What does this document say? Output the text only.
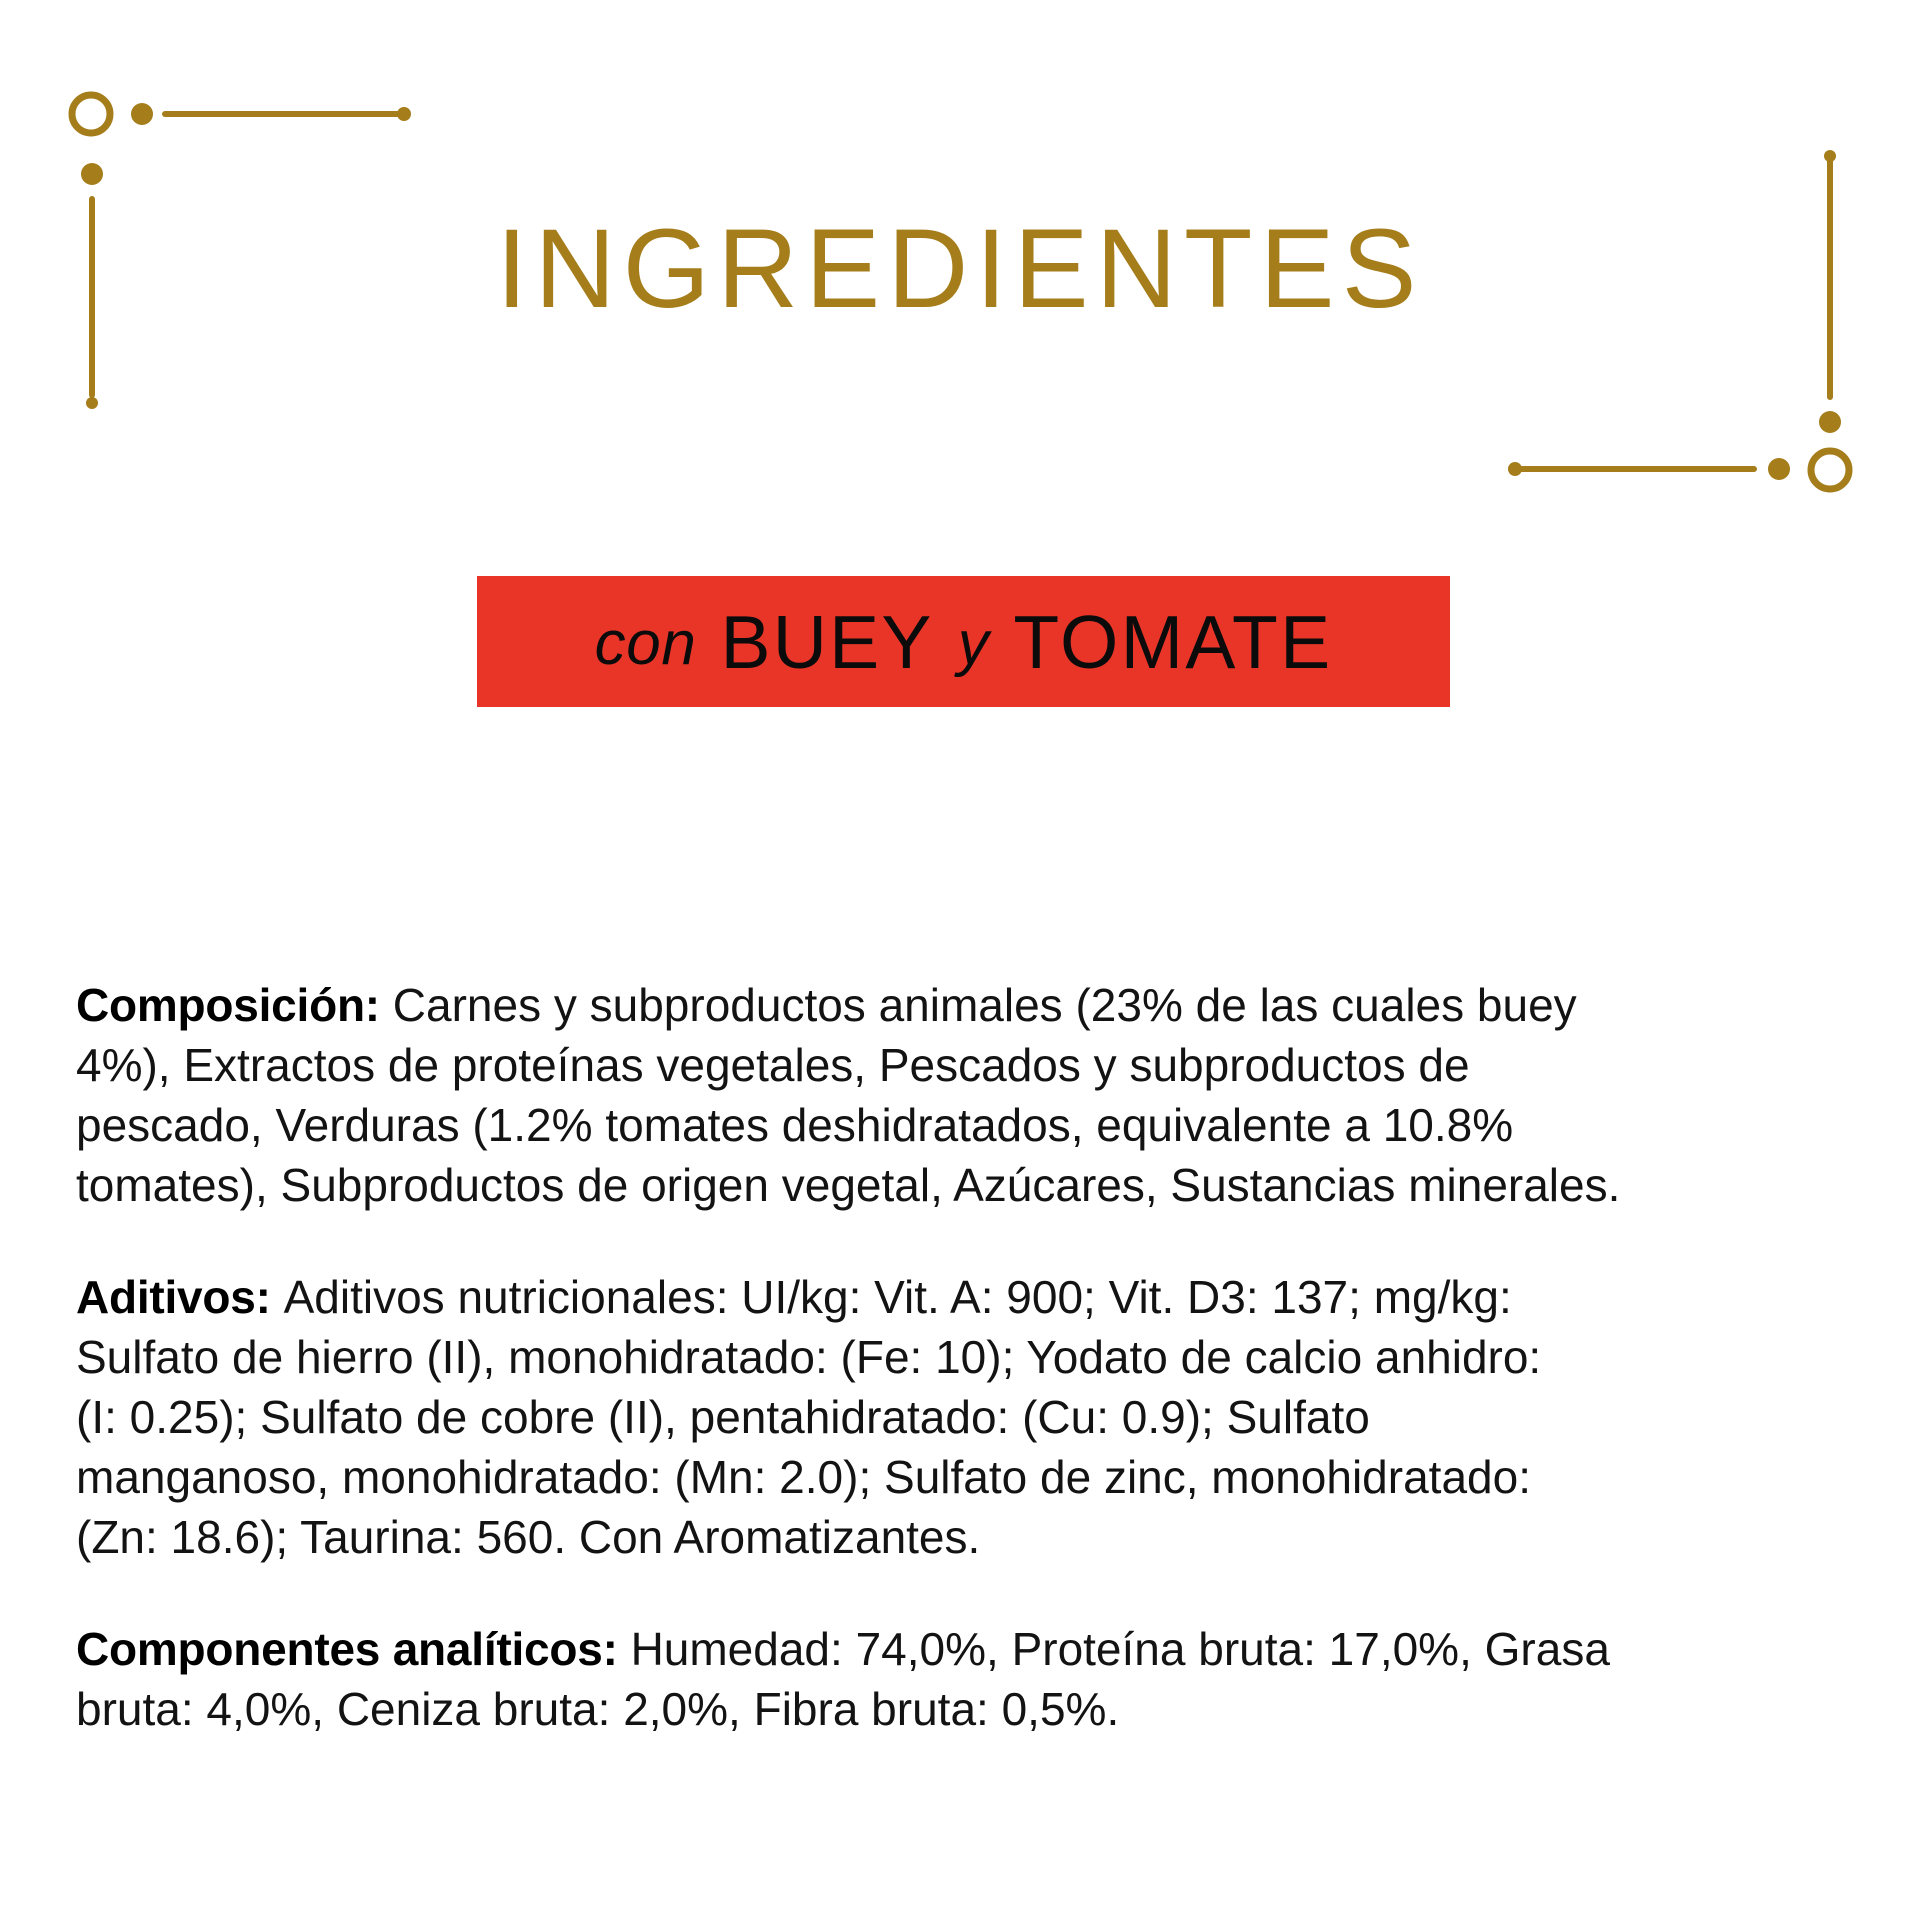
INGREDIENTES
con BUEY y TOMATE
Composición: Carnes y subproductos animales (23% de las cuales buey
4%), Extractos de proteínas vegetales, Pescados y subproductos de
pescado, Verduras (1.2% tomates deshidratados, equivalente a 10.8%
tomates), Subproductos de origen vegetal, Azúcares, Sustancias minerales.
Aditivos: Aditivos nutricionales: UI/kg: Vit. A: 900; Vit. D3: 137; mg/kg:
Sulfato de hierro (II), monohidratado: (Fe: 10); Yodato de calcio anhidro:
(I: 0.25); Sulfato de cobre (II), pentahidratado: (Cu: 0.9); Sulfato
manganoso, monohidratado: (Mn: 2.0); Sulfato de zinc, monohidratado:
(Zn: 18.6); Taurina: 560. Con Aromatizantes.
Componentes analíticos: Humedad: 74,0%, Proteína bruta: 17,0%, Grasa
bruta: 4,0%, Ceniza bruta: 2,0%, Fibra bruta: 0,5%.
